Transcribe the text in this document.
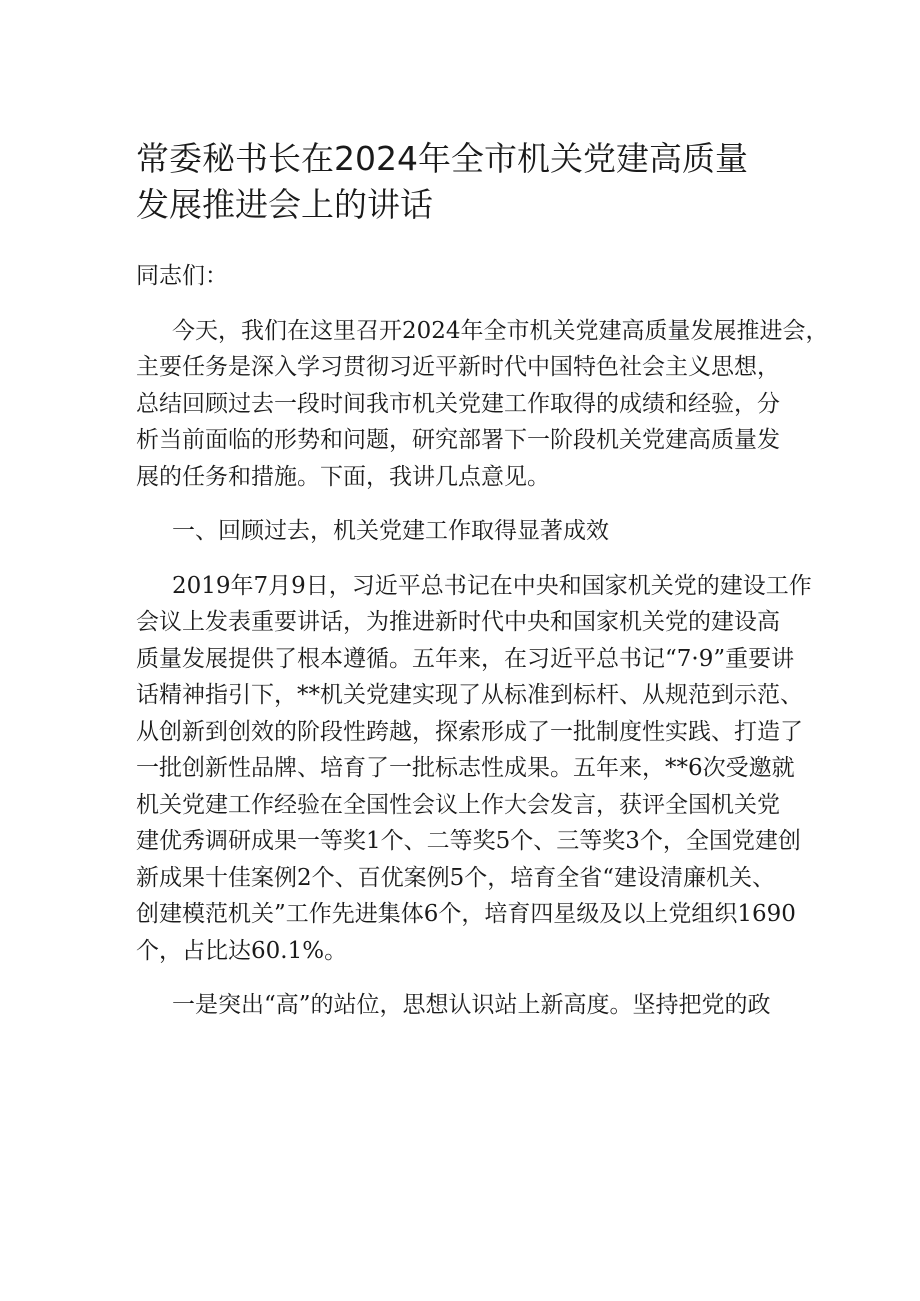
常委秘书长在2024年全市机关党建高质量
发展推进会上的讲话

同志们：

今天，我们在这里召开2024年全市机关党建高质量发展推进会，
主要任务是深入学习贯彻习近平新时代中国特色社会主义思想，
总结回顾过去一段时间我市机关党建工作取得的成绩和经验，分
析当前面临的形势和问题，研究部署下一阶段机关党建高质量发
展的任务和措施。下面，我讲几点意见。

一、回顾过去，机关党建工作取得显著成效

2019年7月9日，习近平总书记在中央和国家机关党的建设工作
会议上发表重要讲话，为推进新时代中央和国家机关党的建设高
质量发展提供了根本遵循。五年来，在习近平总书记“7·9”重要讲
话精神指引下，**机关党建实现了从标准到标杆、从规范到示范、
从创新到创效的阶段性跨越，探索形成了一批制度性实践、打造了
一批创新性品牌、培育了一批标志性成果。五年来，**6次受邀就
机关党建工作经验在全国性会议上作大会发言，获评全国机关党
建优秀调研成果一等奖1个、二等奖5个、三等奖3个，全国党建创
新成果十佳案例2个、百优案例5个，培育全省“建设清廉机关、
创建模范机关”工作先进集体6个，培育四星级及以上党组织1690
个，占比达60.1%。

一是突出“高”的站位，思想认识站上新高度。坚持把党的政
